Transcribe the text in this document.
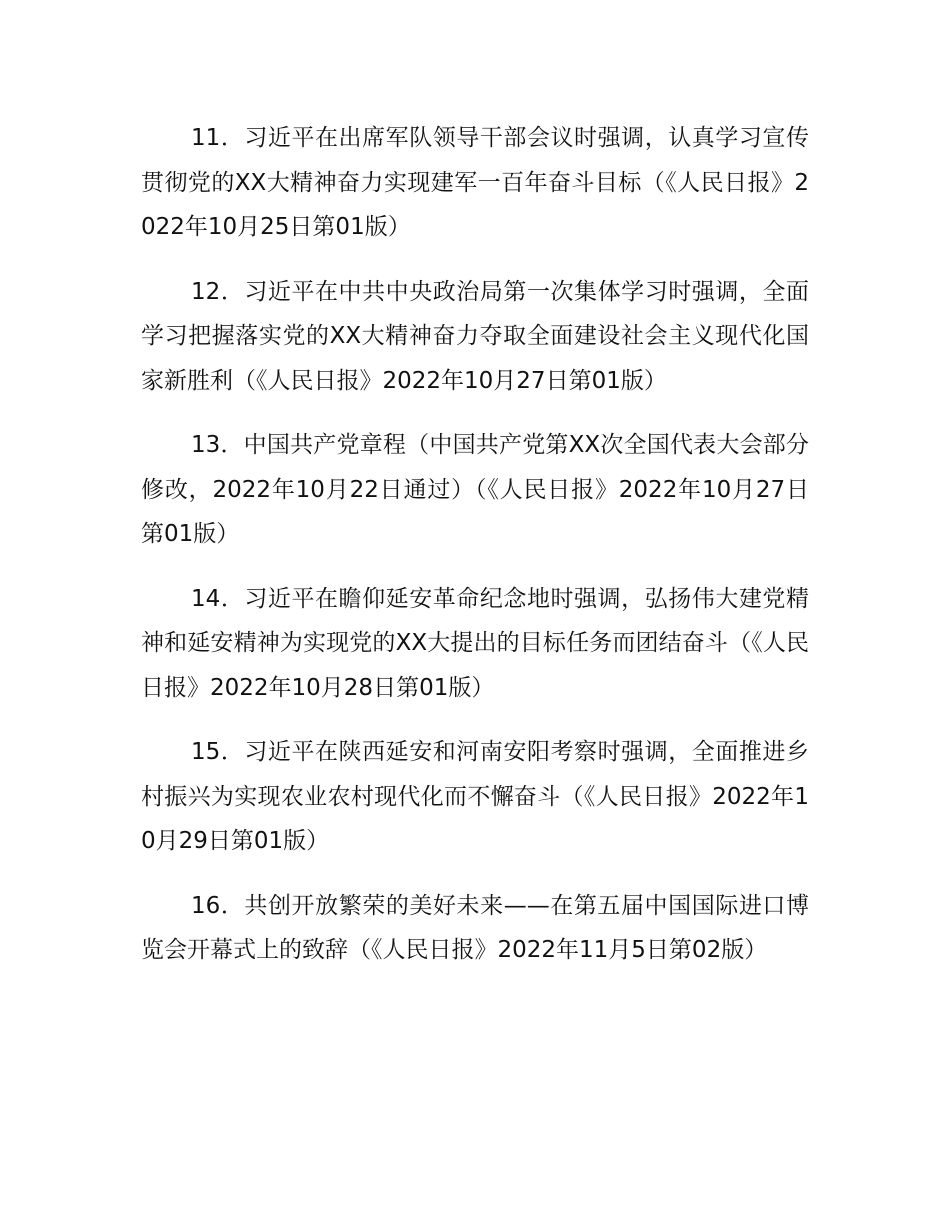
11．习近平在出席军队领导干部会议时强调，认真学习宣传贯彻党的XX大精神奋力实现建军一百年奋斗目标（《人民日报》2022年10月25日第01版）

12．习近平在中共中央政治局第一次集体学习时强调，全面学习把握落实党的XX大精神奋力夺取全面建设社会主义现代化国家新胜利（《人民日报》2022年10月27日第01版）

13．中国共产党章程（中国共产党第XX次全国代表大会部分修改，2022年10月22日通过）（《人民日报》2022年10月27日第01版）

14．习近平在瞻仰延安革命纪念地时强调，弘扬伟大建党精神和延安精神为实现党的XX大提出的目标任务而团结奋斗（《人民日报》2022年10月28日第01版）

15．习近平在陕西延安和河南安阳考察时强调，全面推进乡村振兴为实现农业农村现代化而不懈奋斗（《人民日报》2022年10月29日第01版）

16．共创开放繁荣的美好未来——在第五届中国国际进口博览会开幕式上的致辞（《人民日报》2022年11月5日第02版）
